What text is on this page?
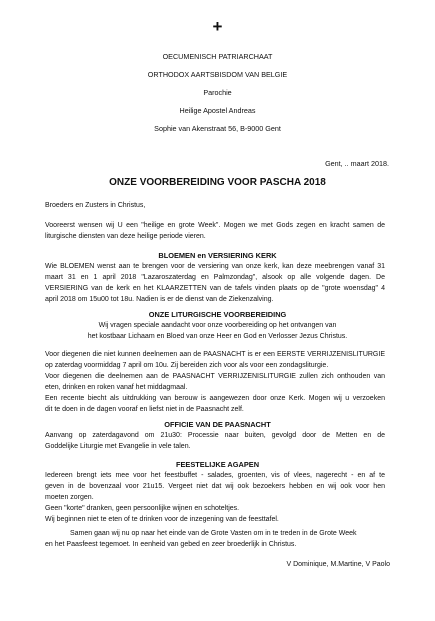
+
OECUMENISCH PATRIARCHAAT
ORTHODOX AARTSBISDOM VAN BELGIE
Parochie
Heilige Apostel Andreas
Sophie van Akenstraat 56, B-9000 Gent
Gent, .. maart 2018.
ONZE VOORBEREIDING VOOR PASCHA 2018
Broeders en Zusters in Christus,
Vooreerst wensen wij U een "heilige en grote Week". Mogen we met Gods zegen en kracht samen de
liturgische diensten van deze heilige periode vieren.
BLOEMEN en VERSIERING KERK
Wie BLOEMEN wenst aan te brengen voor de versiering van onze kerk, kan deze meebrengen vanaf 31
maart 31 en 1 april 2018 "Lazaroszaterdag en Palmzondag", alsook op alle volgende dagen. De
VERSIERING van de kerk en het KLAARZETTEN van de tafels vinden plaats op de "grote woensdag" 4
april 2018 om 15u00 tot 18u. Nadien is er de dienst van de Ziekenzalving.
ONZE LITURGISCHE VOORBEREIDING
Wij vragen speciale aandacht voor onze voorbereiding op het ontvangen van
het kostbaar Lichaam en Bloed van onze Heer en God en Verlosser Jezus Christus.
Voor diegenen die niet kunnen deelnemen aan de PAASNACHT is er een EERSTE VERRIJZENISLITURGIE
op zaterdag voormiddag 7 april om 10u. Zij bereiden zich voor als voor een zondagsliturgie.
Voor diegenen die deelnemen aan de PAASNACHT VERRIJZENISLITURGIE zullen zich onthouden van
eten, drinken en roken vanaf het middagmaal.
Een recente biecht als uitdrukking van berouw is aangewezen door onze Kerk. Mogen wij u verzoeken
dit te doen in de dagen vooraf en liefst niet in de Paasnacht zelf.
OFFICIE VAN DE PAASNACHT
Aanvang op zaterdagavond om 21u30: Processie naar buiten, gevolgd door de Metten en de
Goddelijke Liturgie met Evangelie in vele talen.
FEESTELIJKE AGAPEN
Iedereen brengt iets mee voor het feestbuffet - salades, groenten, vis of vlees, nagerecht - en af te
geven in de bovenzaal voor 21u15. Vergeet niet dat wij ook bezoekers hebben en wij ook voor hen
moeten zorgen.
Geen "korte" dranken, geen persoonlijke wijnen en schoteltjes.
Wij beginnen niet te eten of te drinken voor de inzegening van de feesttafel.
Samen gaan wij nu op naar het einde van de Grote Vasten om in te treden in de Grote Week
en het Paasfeest tegemoet. In eenheid van gebed en zeer broederlijk in Christus.
V Dominique, M.Martine, V Paolo
